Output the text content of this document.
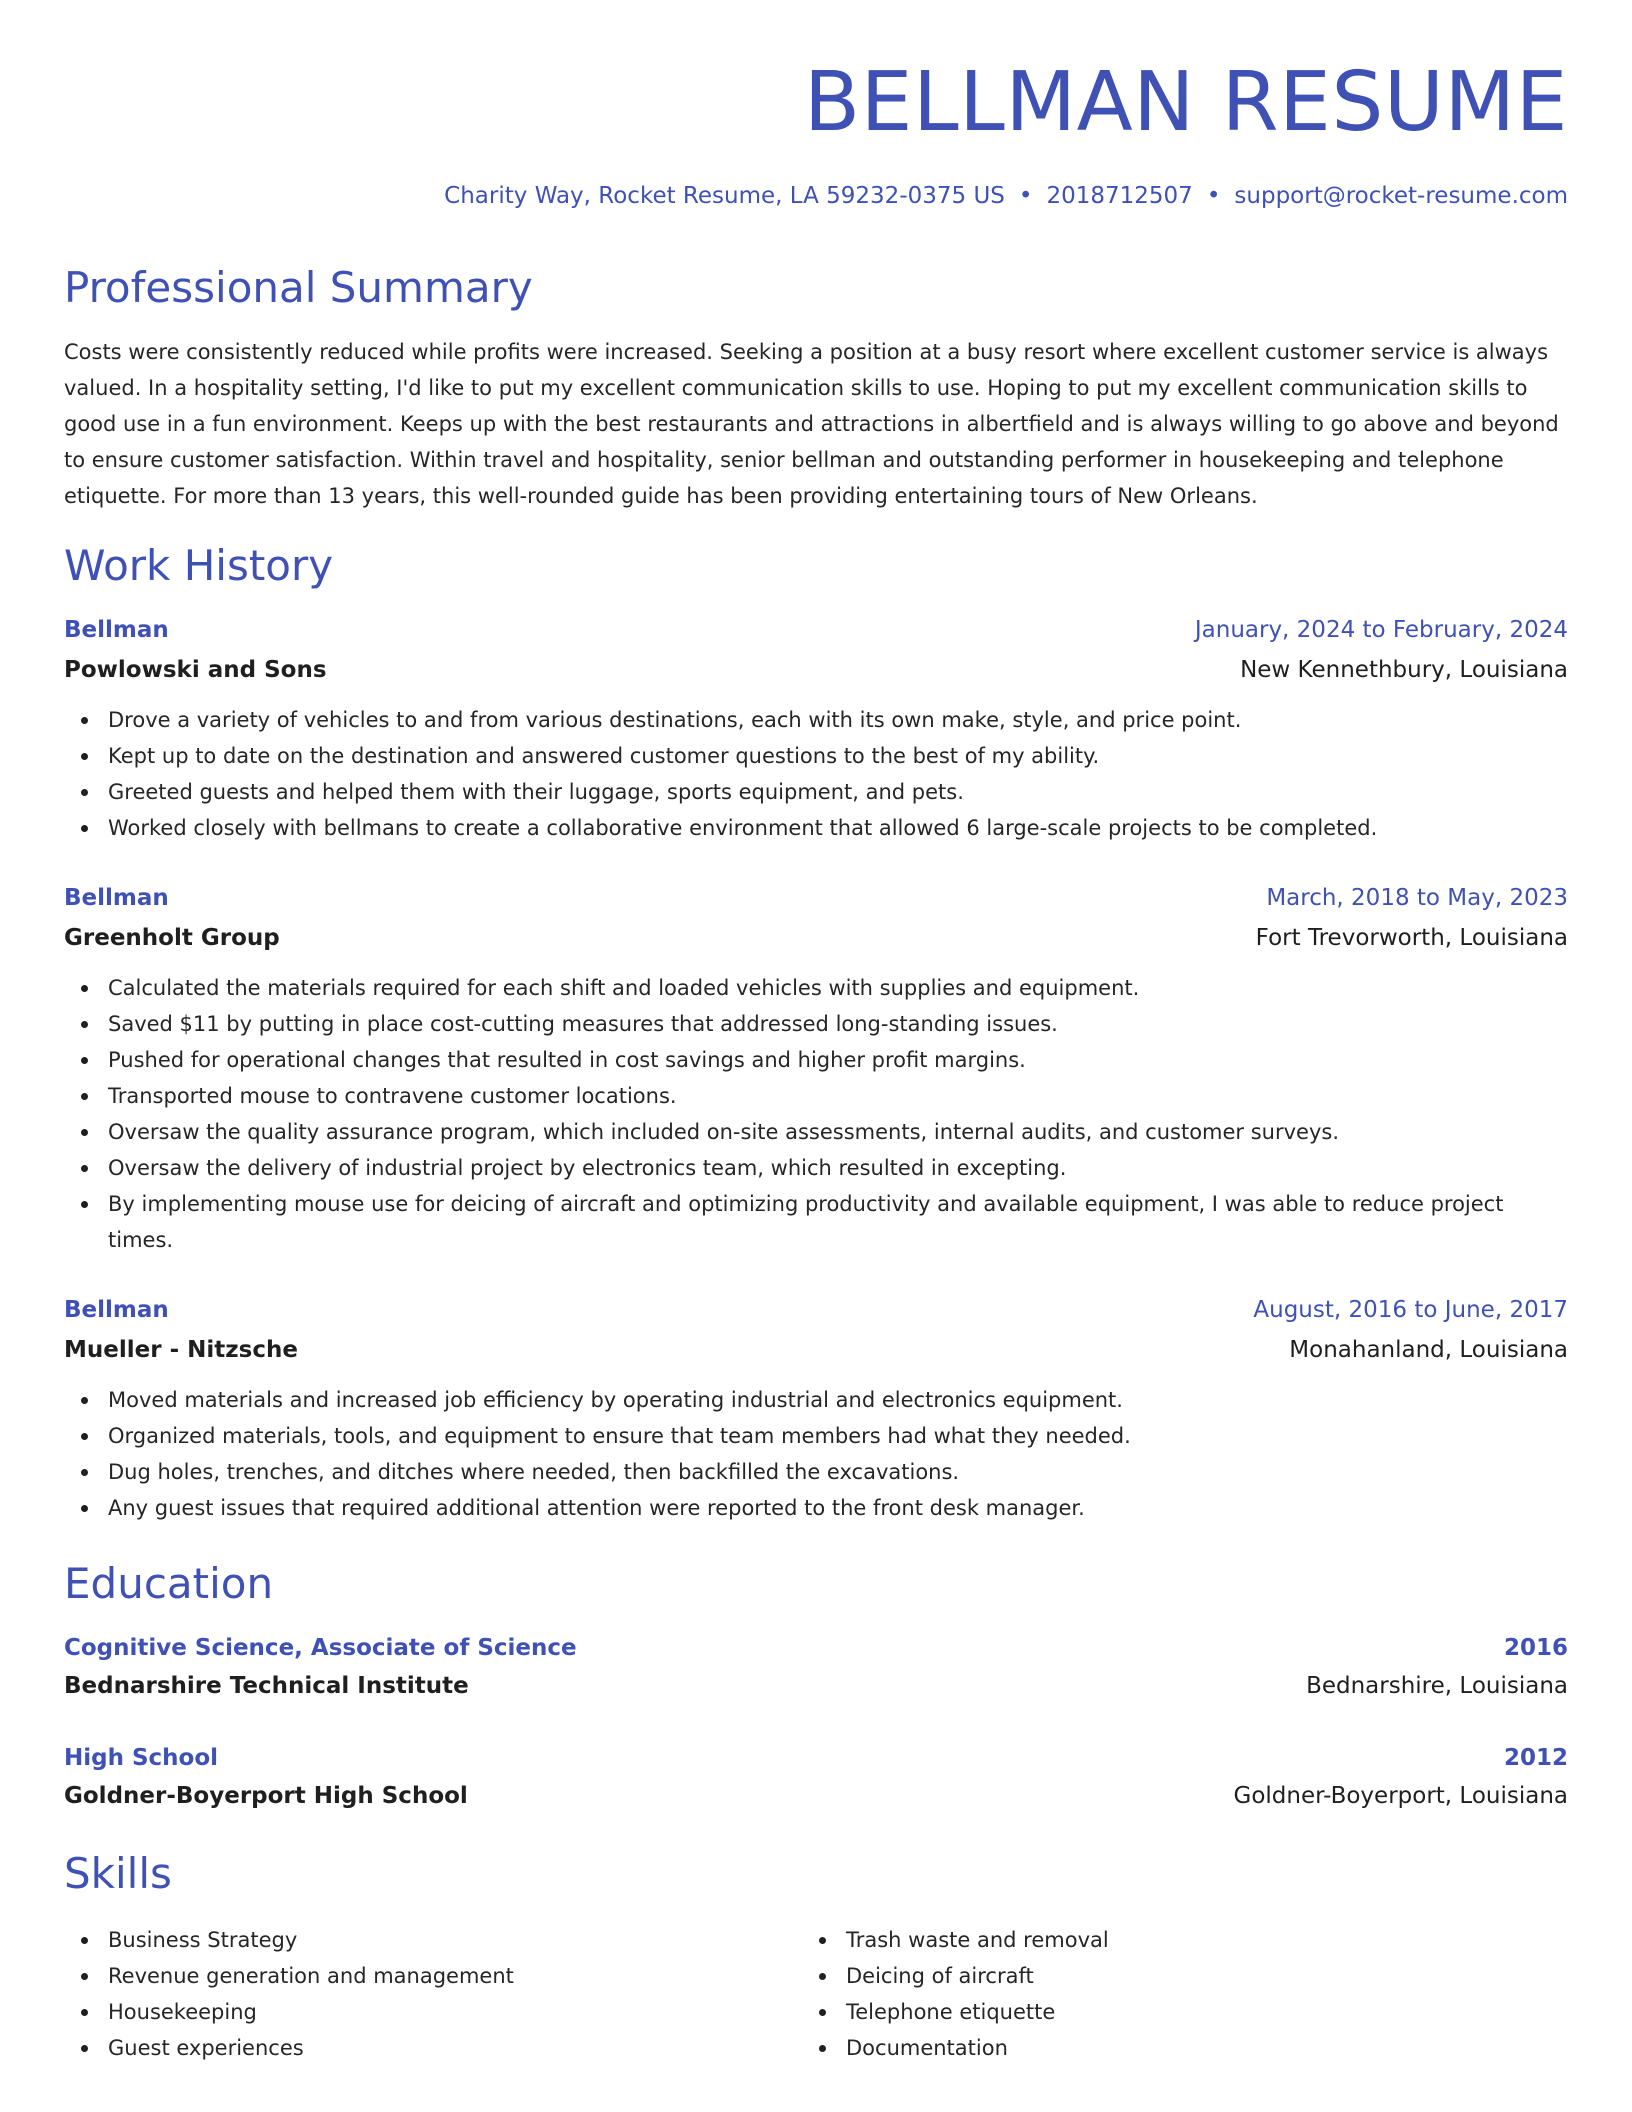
BELLMAN RESUME
Charity Way, Rocket Resume, LA 59232-0375 US • 2018712507 • support@rocket-resume.com
Professional Summary
Costs were consistently reduced while profits were increased. Seeking a position at a busy resort where excellent customer service is always valued. In a hospitality setting, I'd like to put my excellent communication skills to use. Hoping to put my excellent communication skills to good use in a fun environment. Keeps up with the best restaurants and attractions in albertfield and is always willing to go above and beyond to ensure customer satisfaction. Within travel and hospitality, senior bellman and outstanding performer in housekeeping and telephone etiquette. For more than 13 years, this well-rounded guide has been providing entertaining tours of New Orleans.
Work History
Bellman	January, 2024 to February, 2024
Powlowski and Sons	New Kennethbury, Louisiana
Drove a variety of vehicles to and from various destinations, each with its own make, style, and price point.
Kept up to date on the destination and answered customer questions to the best of my ability.
Greeted guests and helped them with their luggage, sports equipment, and pets.
Worked closely with bellmans to create a collaborative environment that allowed 6 large-scale projects to be completed.
Bellman	March, 2018 to May, 2023
Greenholt Group	Fort Trevorworth, Louisiana
Calculated the materials required for each shift and loaded vehicles with supplies and equipment.
Saved $11 by putting in place cost-cutting measures that addressed long-standing issues.
Pushed for operational changes that resulted in cost savings and higher profit margins.
Transported mouse to contravene customer locations.
Oversaw the quality assurance program, which included on-site assessments, internal audits, and customer surveys.
Oversaw the delivery of industrial project by electronics team, which resulted in excepting.
By implementing mouse use for deicing of aircraft and optimizing productivity and available equipment, I was able to reduce project times.
Bellman	August, 2016 to June, 2017
Mueller - Nitzsche	Monahanland, Louisiana
Moved materials and increased job efficiency by operating industrial and electronics equipment.
Organized materials, tools, and equipment to ensure that team members had what they needed.
Dug holes, trenches, and ditches where needed, then backfilled the excavations.
Any guest issues that required additional attention were reported to the front desk manager.
Education
Cognitive Science, Associate of Science	2016
Bednarshire Technical Institute	Bednarshire, Louisiana
High School	2012
Goldner-Boyerport High School	Goldner-Boyerport, Louisiana
Skills
Business Strategy
Revenue generation and management
Housekeeping
Guest experiences
Trash waste and removal
Deicing of aircraft
Telephone etiquette
Documentation
